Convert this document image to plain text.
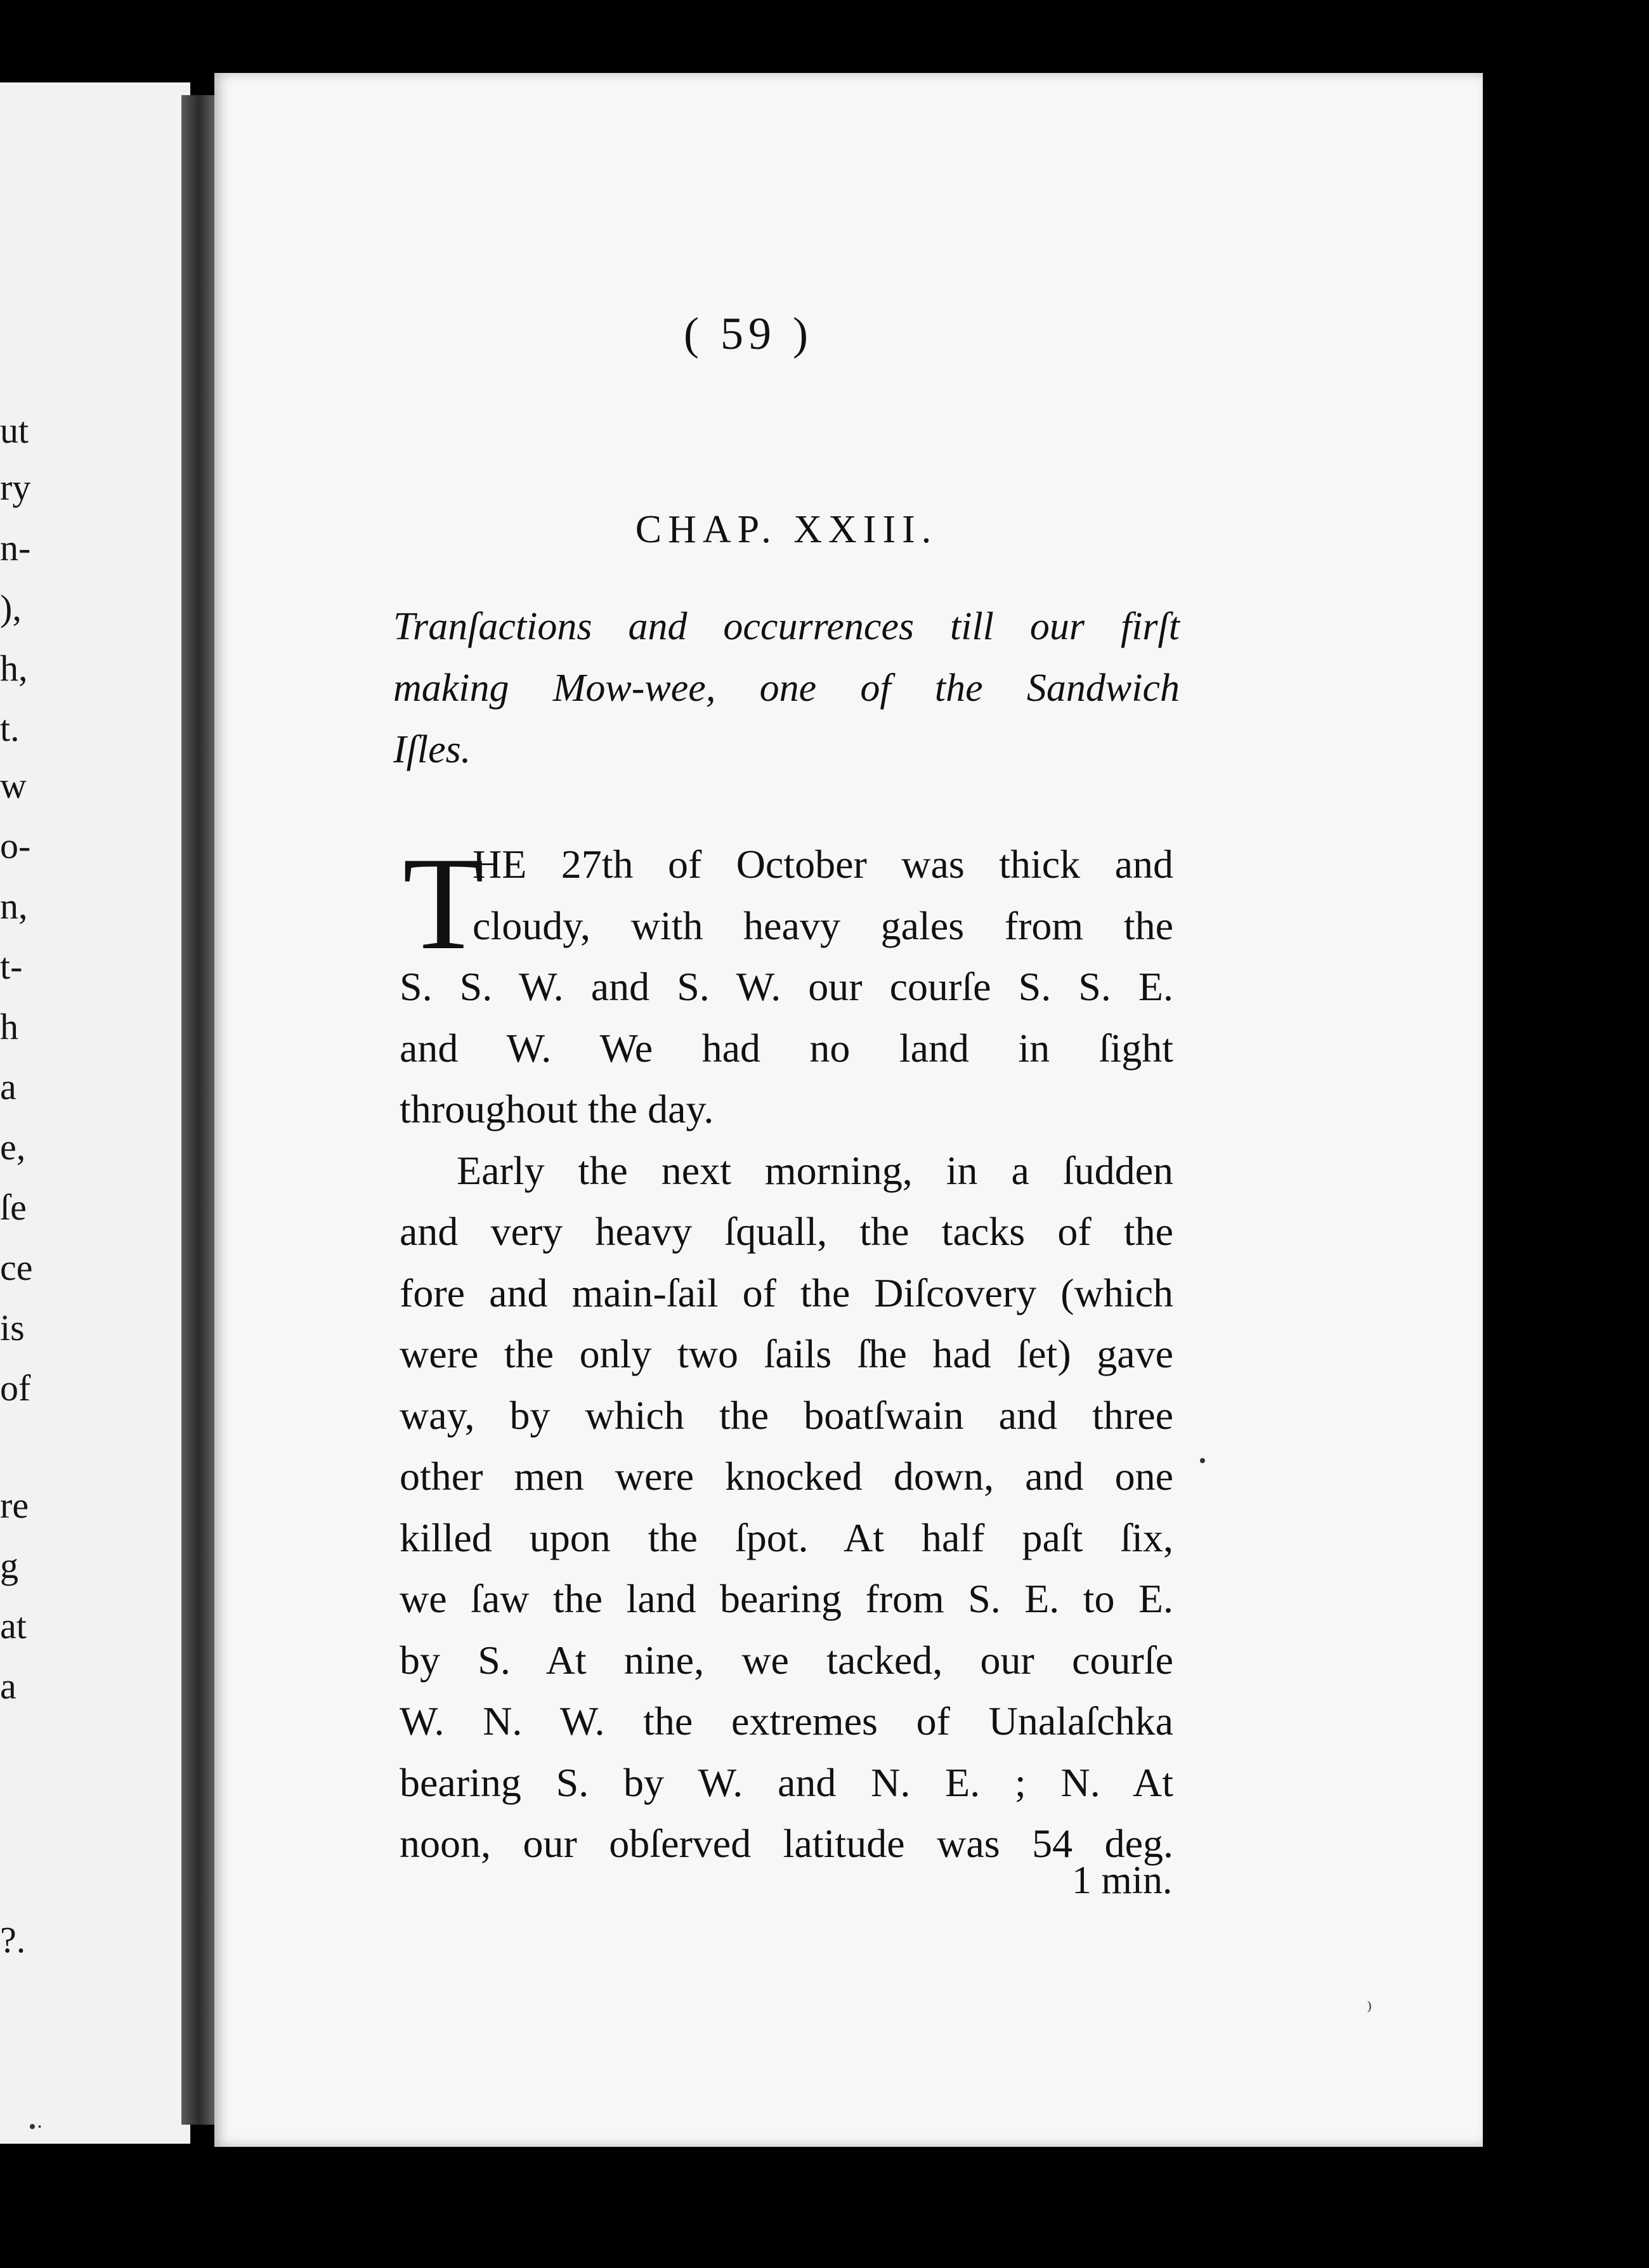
ut
ry
n-
),
h,
t.
w
o-
n,
t-
h
a
e,
ſe
ce
is
of
re
g
at
a
?.
( 59 )
CHAP. XXIII.
Tranſactions and occurrences till our firſt
making Mow-wee, one of the Sandwich
Iſles.
T
HE 27th of October was thick and
cloudy, with heavy gales from the
S. S. W. and S. W. our courſe S. S. E.
and W. We had no land in ſight
throughout the day.
Early the next morning, in a ſudden
and very heavy ſquall, the tacks of the
fore and main-ſail of the Diſcovery (which
were the only two ſails ſhe had ſet) gave
way, by which the boatſwain and three
other men were knocked down, and one
killed upon the ſpot. At half paſt ſix,
we ſaw the land bearing from S. E. to E.
by S. At nine, we tacked, our courſe
W. N. W. the extremes of Unalaſchka
bearing S. by W. and N. E. ; N. At
noon, our obſerved latitude was 54 deg.
1 min.
•
⁾
•·
